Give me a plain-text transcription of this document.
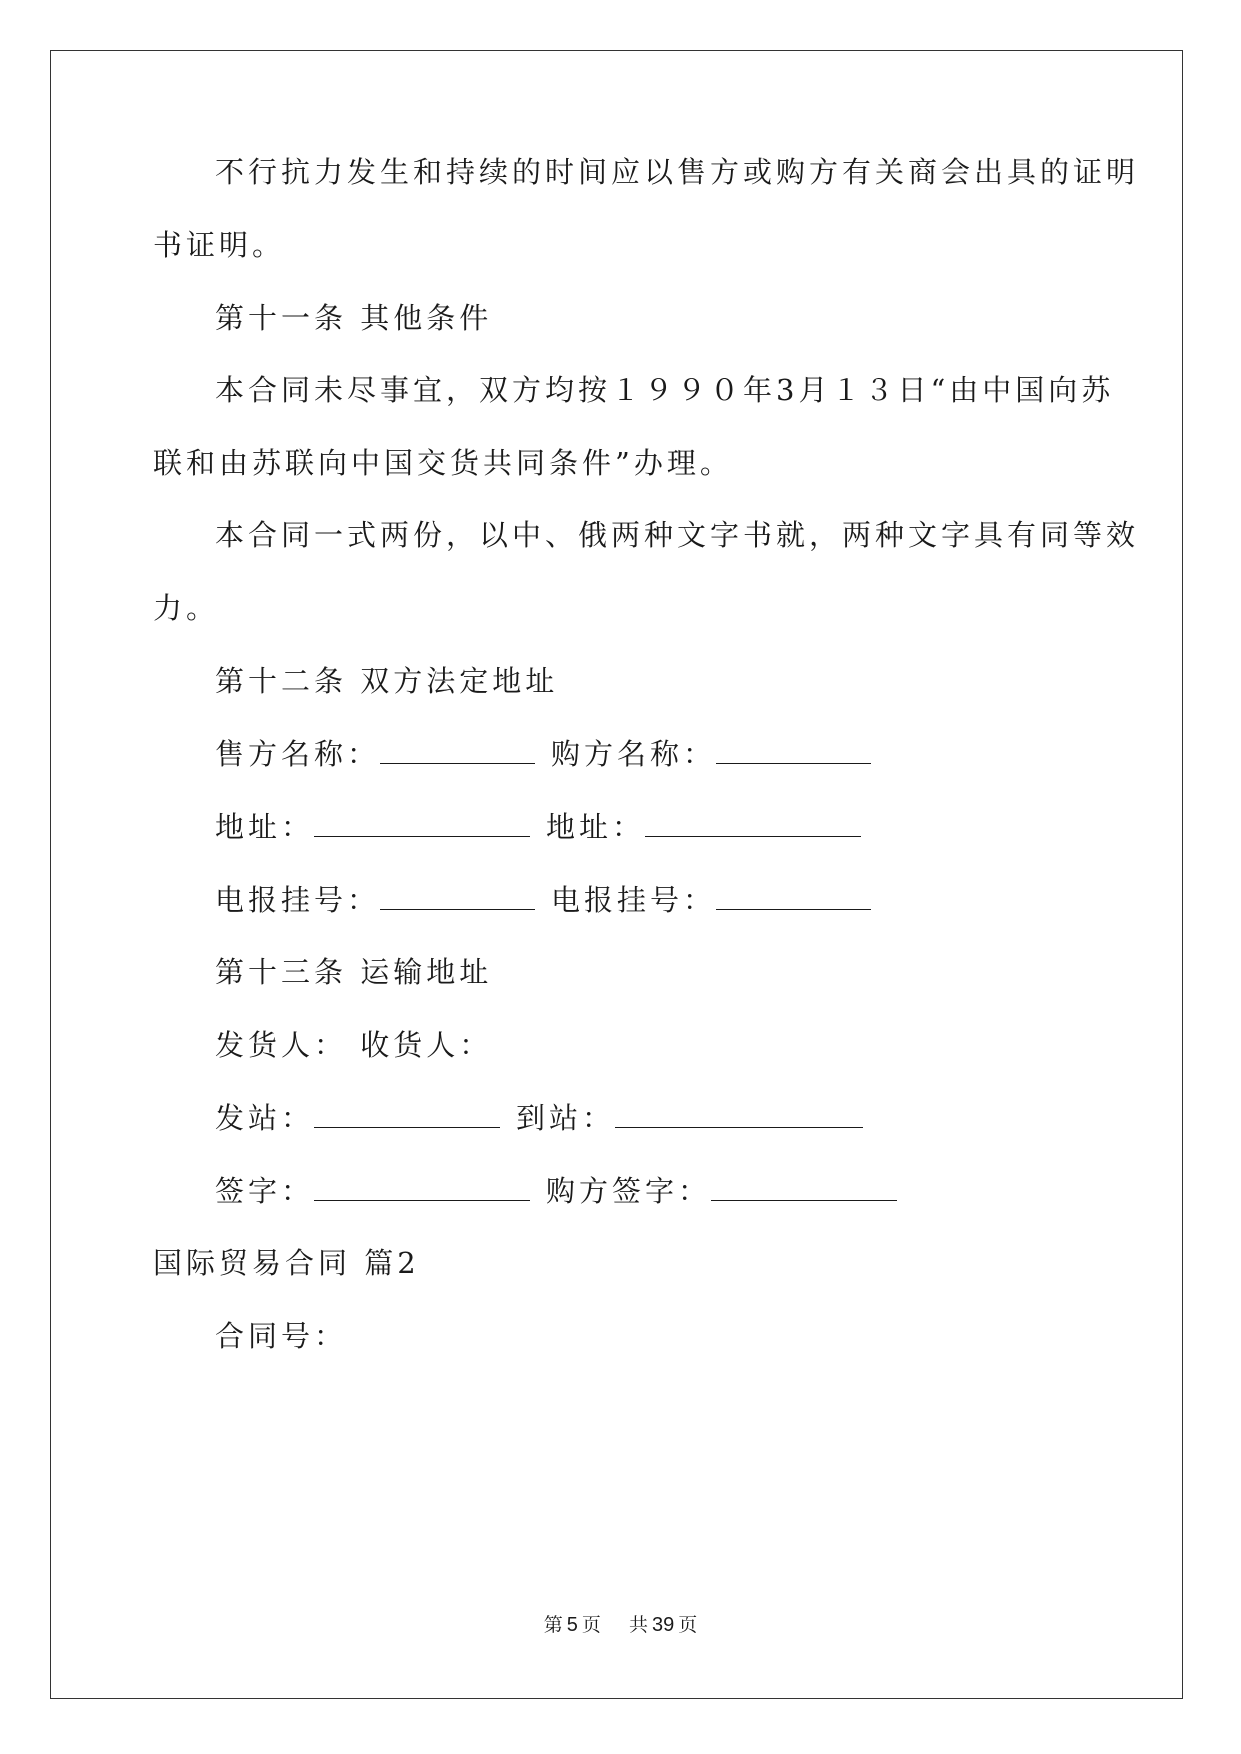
不行抗力发生和持续的时间应以售方或购方有关商会出具的证明
书证明。
第十一条 其他条件
本合同未尽事宜，双方均按１９９０年3月１３日“由中国向苏
联和由苏联向中国交货共同条件”办理。
本合同一式两份，以中、俄两种文字书就，两种文字具有同等效
力。
第十二条 双方法定地址
售方名称：	购方名称：
地址：	地址：
电报挂号：	电报挂号：
第十三条 运输地址
发货人： 收货人：
发站：	到站：
签字：	购方签字：
国际贸易合同 篇2
合同号：
第 5 页 共 39 页
